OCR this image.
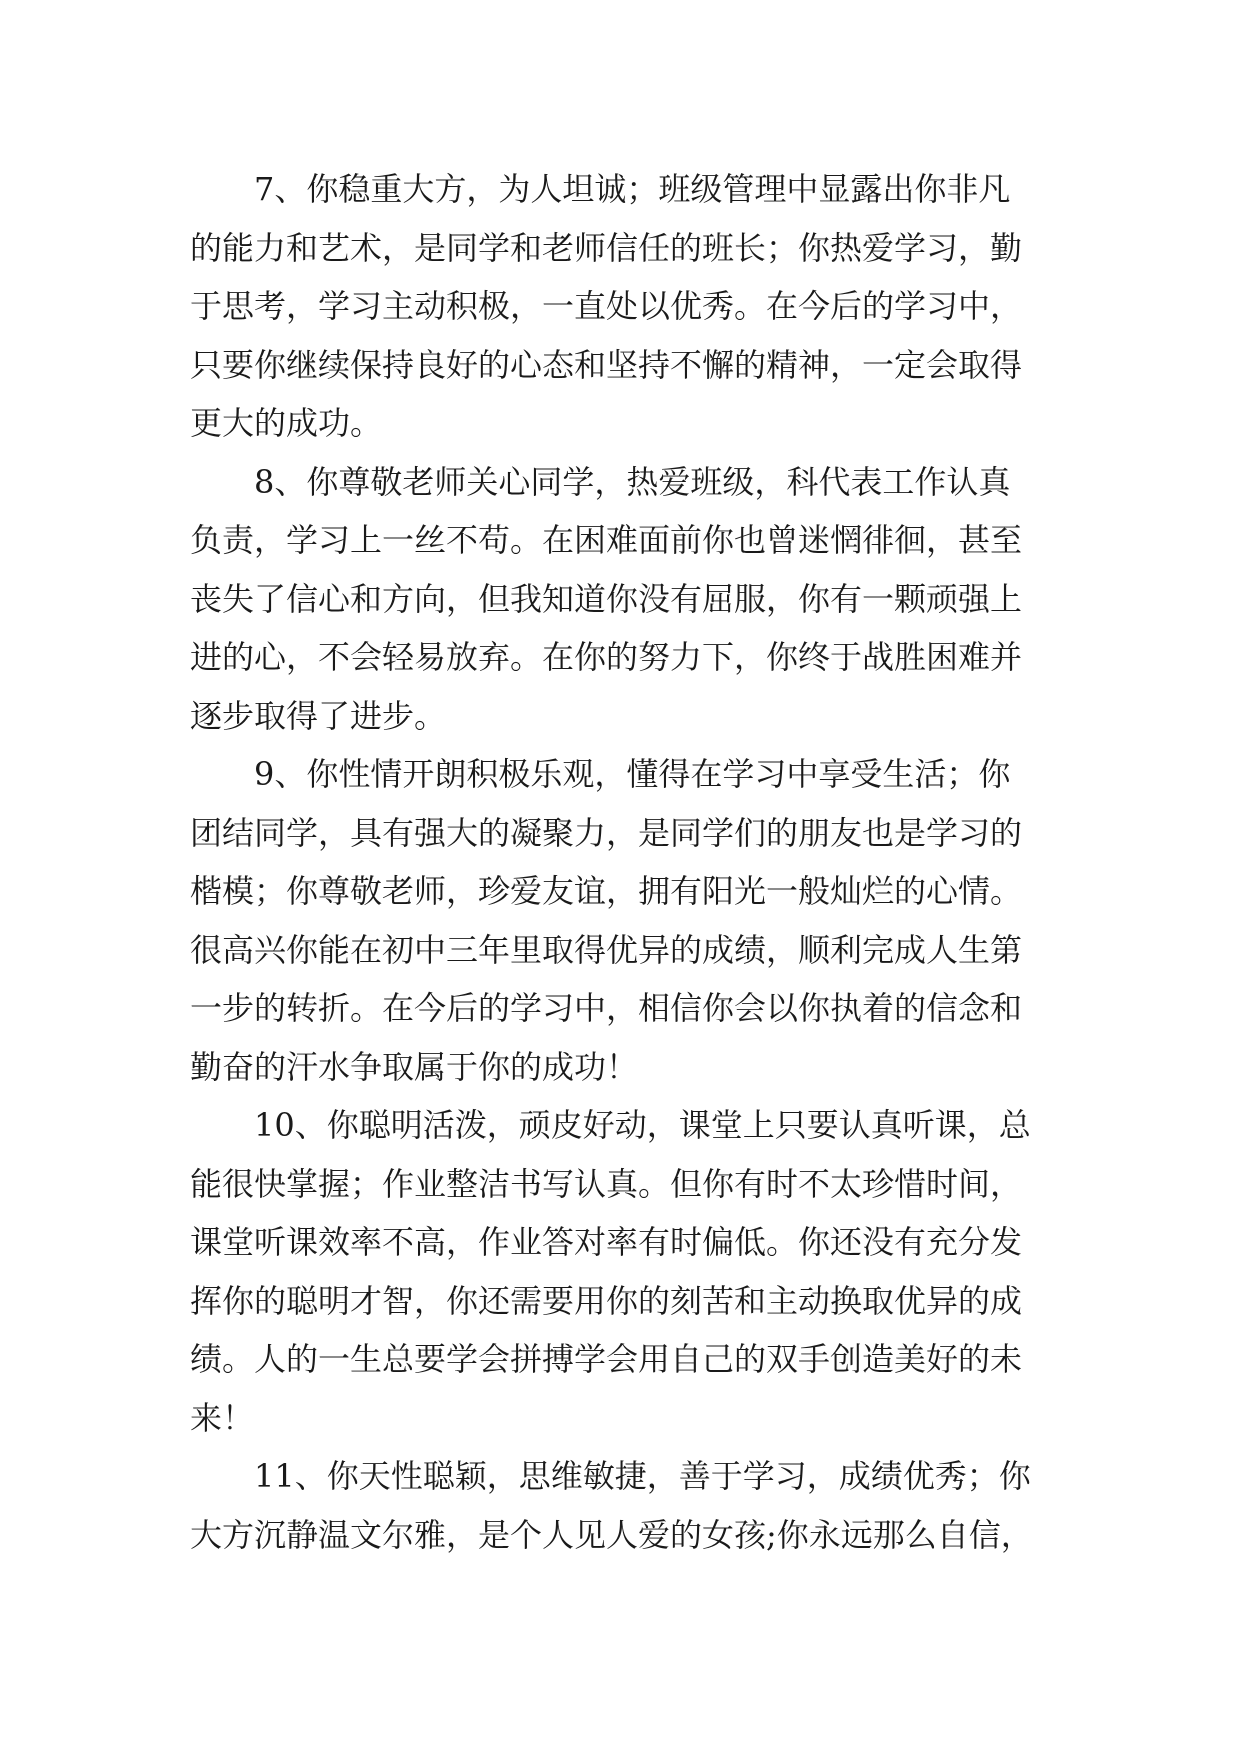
7、你稳重大方，为人坦诚；班级管理中显露出你非凡
的能力和艺术，是同学和老师信任的班长；你热爱学习，勤
于思考，学习主动积极，一直处以优秀。在今后的学习中，
只要你继续保持良好的心态和坚持不懈的精神，一定会取得
更大的成功。
8、你尊敬老师关心同学，热爱班级，科代表工作认真
负责，学习上一丝不苟。在困难面前你也曾迷惘徘徊，甚至
丧失了信心和方向，但我知道你没有屈服，你有一颗顽强上
进的心，不会轻易放弃。在你的努力下，你终于战胜困难并
逐步取得了进步。
9、你性情开朗积极乐观，懂得在学习中享受生活；你
团结同学，具有强大的凝聚力，是同学们的朋友也是学习的
楷模；你尊敬老师，珍爱友谊，拥有阳光一般灿烂的心情。
很高兴你能在初中三年里取得优异的成绩，顺利完成人生第
一步的转折。在今后的学习中，相信你会以你执着的信念和
勤奋的汗水争取属于你的成功！
10、你聪明活泼，顽皮好动，课堂上只要认真听课，总
能很快掌握；作业整洁书写认真。但你有时不太珍惜时间，
课堂听课效率不高，作业答对率有时偏低。你还没有充分发
挥你的聪明才智，你还需要用你的刻苦和主动换取优异的成
绩。人的一生总要学会拼搏学会用自己的双手创造美好的未
来！
11、你天性聪颖，思维敏捷，善于学习，成绩优秀；你
大方沉静温文尔雅，是个人见人爱的女孩;你永远那么自信，
